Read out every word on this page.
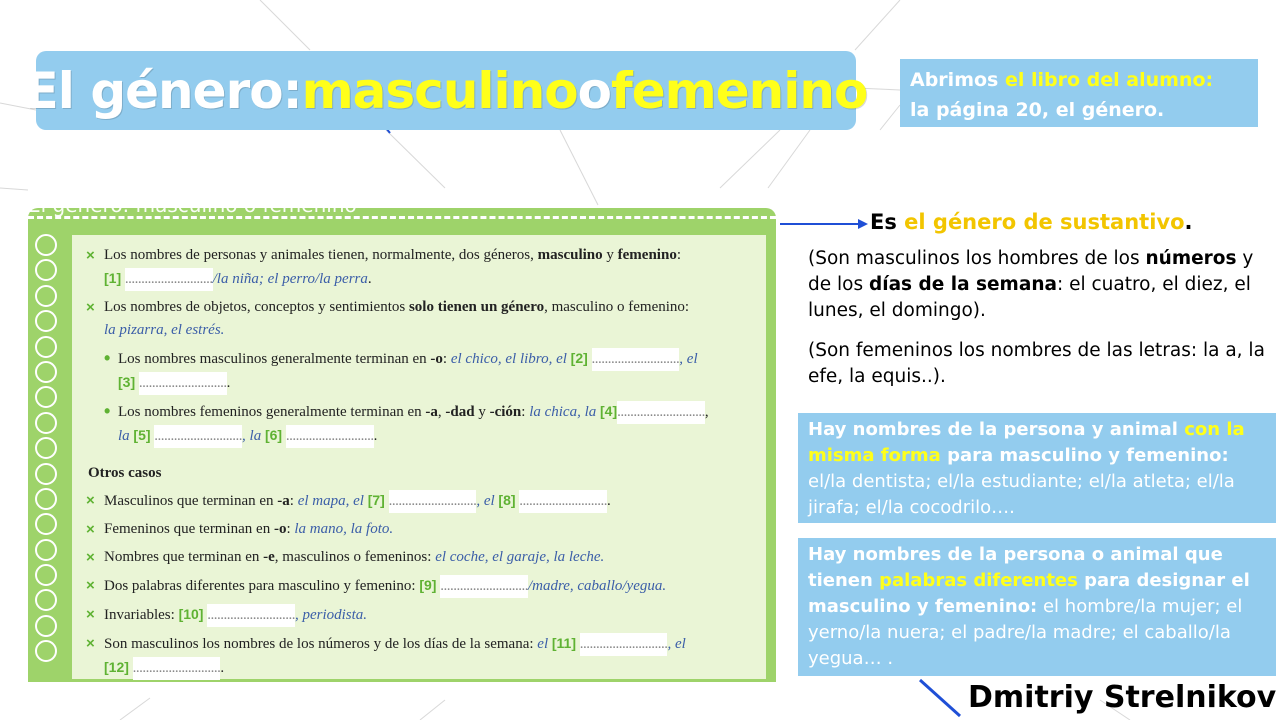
El género: masculino o femenino Abrimos el libro del alumno:
la página 20, el género.
El género: masculino o femenino
× Los nombres de personas y animales tienen, normalmente, dos géneros, masculino y femenino:
[1] .........................../la niña; el perro/la perra.
× Los nombres de objetos, conceptos y sentimientos solo tienen un género, masculino o femenino:
la pizarra, el estrés.
• Los nombres masculinos generalmente terminan en -o: el chico, el libro, el [2] ..........................., el
[3] ............................
• Los nombres femeninos generalmente terminan en -a, -dad y -ción: la chica, la [4]...........................,
la [5] ..........................., la [6] ............................
Otros casos
× Masculinos que terminan en -a: el mapa, el [7] ..........................., el [8] ............................
× Femeninos que terminan en -o: la mano, la foto.
× Nombres que terminan en -e, masculinos o femeninos: el coche, el garaje, la leche.
× Dos palabras diferentes para masculino y femenino: [9] .........................../madre, caballo/yegua.
× Invariables: [10] ..........................., periodista.
× Son masculinos los nombres de los números y de los días de la semana: el [11] ..........................., el
[12] ............................
Es el género de sustantivo.
(Son masculinos los hombres de los números y de los días de la semana: el cuatro, el diez, el lunes, el domingo).
(Son femeninos los nombres de las letras: la a, la efe, la equis..).
Hay nombres de la persona y animal con la misma forma para masculino y femenino: el/la dentista; el/la estudiante; el/la atleta; el/la jirafa; el/la cocodrilo….
Hay nombres de la persona o animal que tienen palabras diferentes para designar el masculino y femenino: el hombre/la mujer; el yerno/la nuera; el padre/la madre; el caballo/la yegua… .
Dmitriy Strelnikov
